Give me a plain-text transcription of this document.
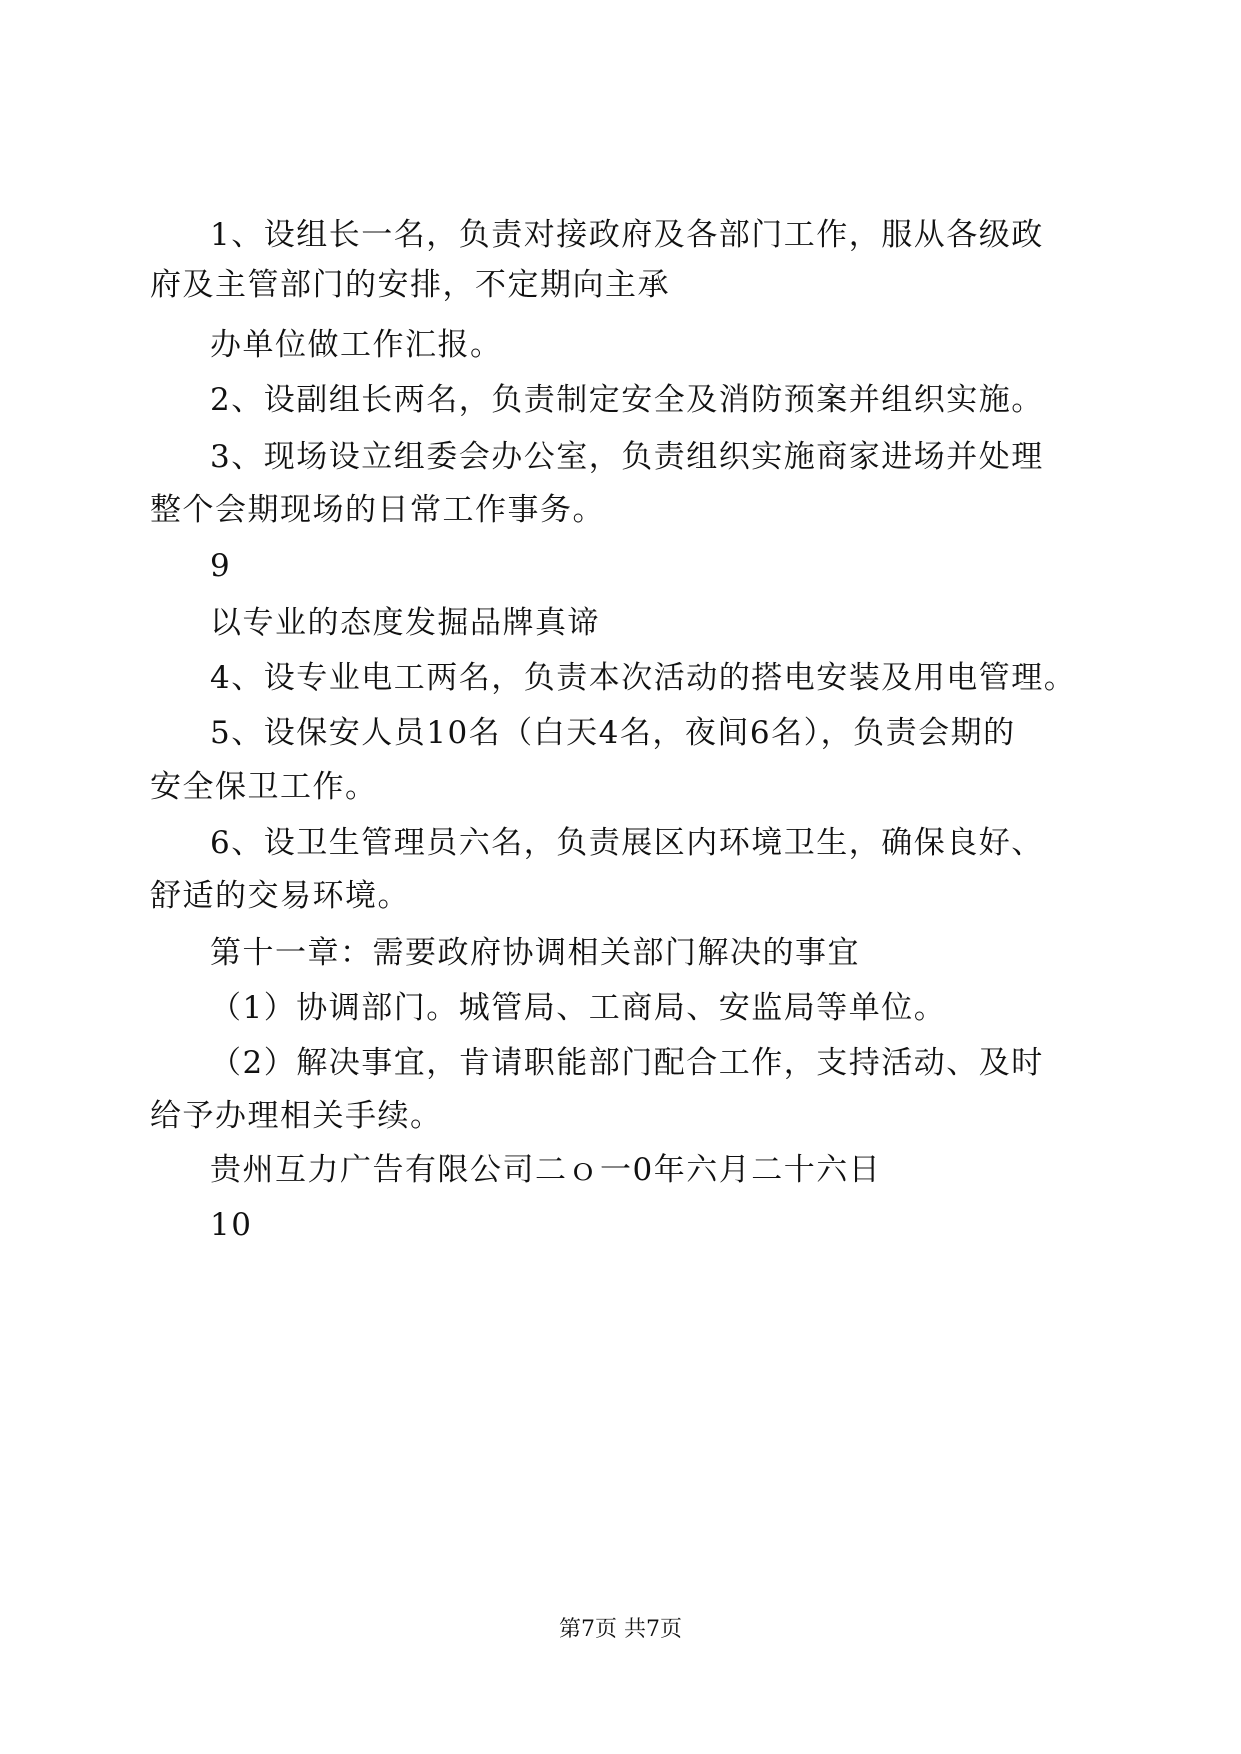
1、设组长一名，负责对接政府及各部门工作，服从各级政
府及主管部门的安排，不定期向主承
办单位做工作汇报。
2、设副组长两名，负责制定安全及消防预案并组织实施。
3、现场设立组委会办公室，负责组织实施商家进场并处理
整个会期现场的日常工作事务。
9
以专业的态度发掘品牌真谛
4、设专业电工两名，负责本次活动的搭电安装及用电管理。
5、设保安人员10名（白天4名，夜间6名），负责会期的
安全保卫工作。
6、设卫生管理员六名，负责展区内环境卫生，确保良好、
舒适的交易环境。
第十一章：需要政府协调相关部门解决的事宜
（1）协调部门。城管局、工商局、安监局等单位。
（2）解决事宜，肯请职能部门配合工作，支持活动、及时
给予办理相关手续。
贵州互力广告有限公司二ｏ一0年六月二十六日
10
第7页 共7页
